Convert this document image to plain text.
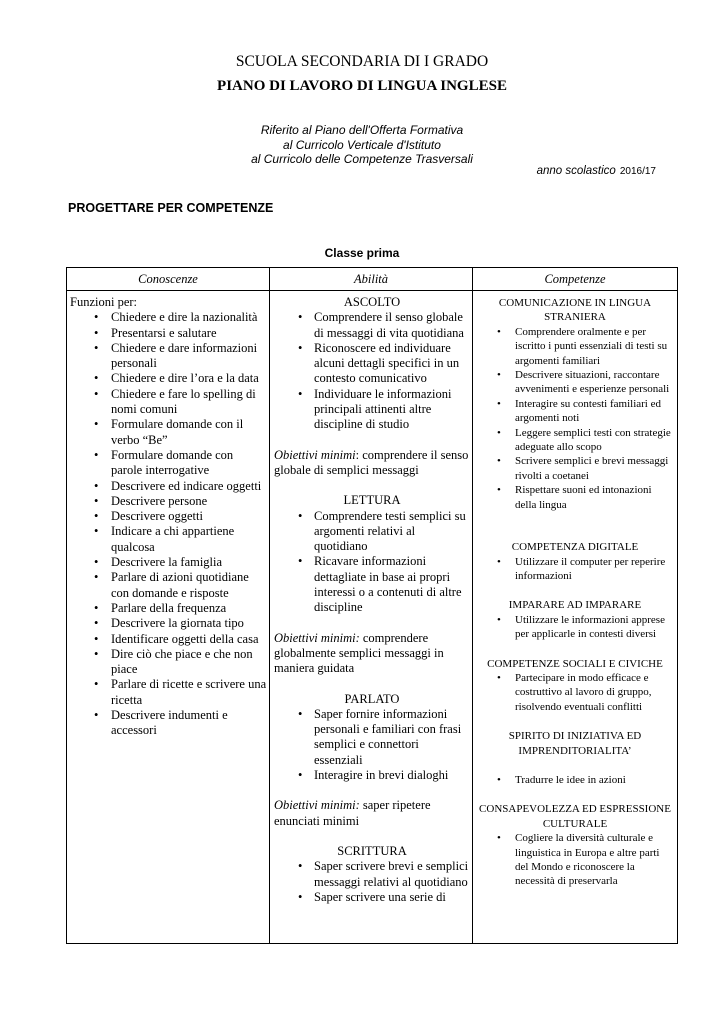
SCUOLA SECONDARIA DI I GRADO
PIANO DI LAVORO DI LINGUA INGLESE
Riferito al Piano dell'Offerta Formativa
al Curricolo Verticale d'Istituto
al Curricolo delle Competenze Trasversali
anno scolastico 2016/17
PROGETTARE PER COMPETENZE
Classe prima
Conoscenze
Funzioni per:
• Chiedere e dire la nazionalità
• Presentarsi e salutare
• Chiedere e dare informazioni personali
• Chiedere e dire l’ora e la data
• Chiedere e fare lo spelling di nomi comuni
• Formulare domande con il verbo “Be”
• Formulare domande con parole interrogative
• Descrivere ed indicare oggetti
• Descrivere persone
• Descrivere oggetti
• Indicare a chi appartiene qualcosa
• Descrivere la famiglia
• Parlare di azioni quotidiane con domande e risposte
• Parlare della frequenza
• Descrivere la giornata tipo
• Identificare oggetti della casa
• Dire ciò che piace e che non piace
• Parlare di ricette e scrivere una ricetta
• Descrivere indumenti e accessori
Abilità
ASCOLTO
• Comprendere il senso globale di messaggi di vita quotidiana
• Riconoscere ed individuare alcuni dettagli specifici in un contesto comunicativo
• Individuare le informazioni principali attinenti altre discipline di studio
Obiettivi minimi: comprendere il senso globale di semplici messaggi
LETTURA
• Comprendere testi semplici su argomenti relativi al quotidiano
• Ricavare informazioni dettagliate in base ai propri interessi o a contenuti di altre discipline
Obiettivi minimi: comprendere globalmente semplici messaggi in maniera guidata
PARLATO
• Saper fornire informazioni personali e familiari con frasi semplici e connettori essenziali
• Interagire in brevi dialoghi
Obiettivi minimi: saper ripetere enunciati minimi
SCRITTURA
• Saper scrivere brevi e semplici messaggi relativi al quotidiano
• Saper scrivere una serie di
Competenze
COMUNICAZIONE IN LINGUA STRANIERA
• Comprendere oralmente e per iscritto i punti essenziali di testi su argomenti familiari
• Descrivere situazioni, raccontare avvenimenti e esperienze personali
• Interagire su contesti familiari ed argomenti noti
• Leggere semplici testi con strategie adeguate allo scopo
• Scrivere semplici e brevi messaggi rivolti a coetanei
• Rispettare suoni ed intonazioni della lingua
COMPETENZA DIGITALE
• Utilizzare il computer per reperire informazioni
IMPARARE AD IMPARARE
• Utilizzare le informazioni apprese per applicarle in contesti diversi
COMPETENZE SOCIALI E CIVICHE
• Partecipare in modo efficace e costruttivo al lavoro di gruppo, risolvendo eventuali conflitti
SPIRITO DI INIZIATIVA ED IMPRENDITORIALITA’
• Tradurre le idee in azioni
CONSAPEVOLEZZA ED ESPRESSIONE CULTURALE
• Cogliere la diversità culturale e linguistica in Europa e altre parti del Mondo e riconoscere la necessità di preservarla
